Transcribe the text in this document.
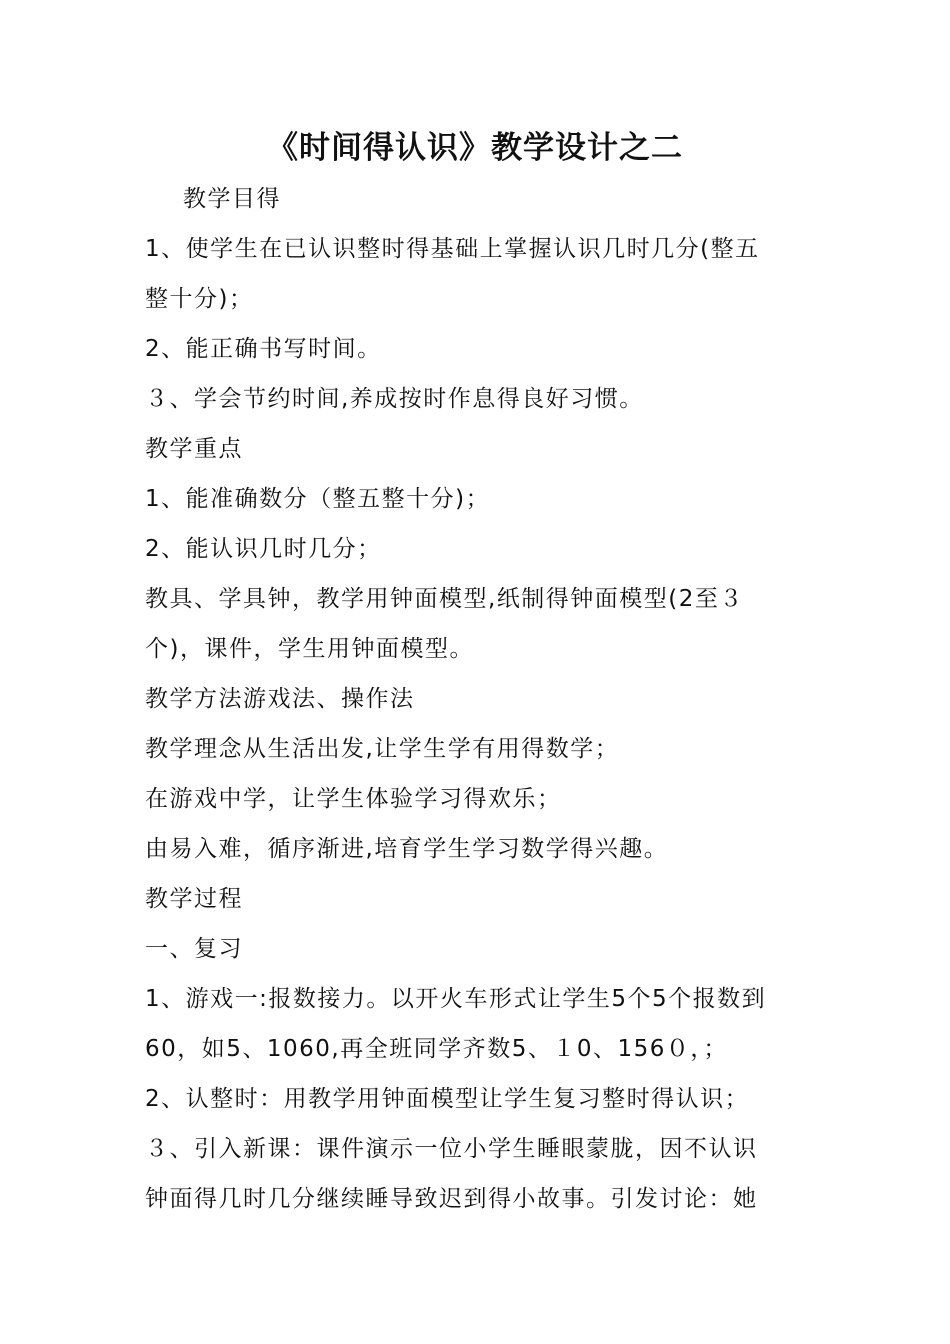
《时间得认识》教学设计之二
教学目得
1、使学生在已认识整时得基础上掌握认识几时几分(整五
整十分)；
2、能正确书写时间。
３、学会节约时间,养成按时作息得良好习惯。
教学重点
1、能准确数分（整五整十分)；
2、能认识几时几分；
教具、学具钟，教学用钟面模型,纸制得钟面模型(2至３
个)，课件，学生用钟面模型。
教学方法游戏法、操作法
教学理念从生活出发,让学生学有用得数学；
在游戏中学，让学生体验学习得欢乐；
由易入难，循序渐进,培育学生学习数学得兴趣。
教学过程
一、复习
1、游戏一:报数接力。以开火车形式让学生5个5个报数到
60，如5、1060,再全班同学齐数5、１0、156０，；
2、认整时：用教学用钟面模型让学生复习整时得认识；
３、引入新课：课件演示一位小学生睡眼蒙胧，因不认识
钟面得几时几分继续睡导致迟到得小故事。引发讨论：她
